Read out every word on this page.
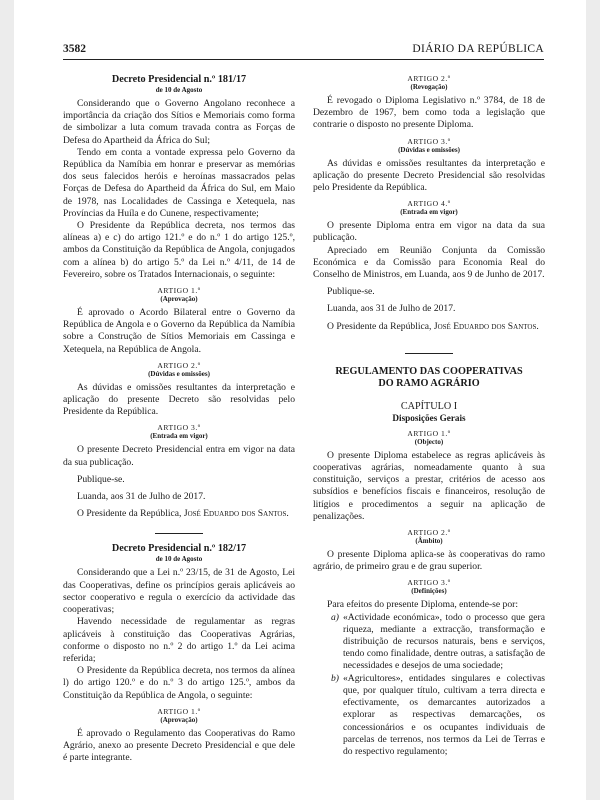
3582	DIÁRIO DA REPÚBLICA
Decreto Presidencial n.º 181/17
de 10 de Agosto

Considerando que o Governo Angolano reconhece a importância da criação dos Sítios e Memoriais como forma de simbolizar a luta comum travada contra as Forças de Defesa do Apartheid da África do Sul;

Tendo em conta a vontade expressa pelo Governo da República da Namíbia em honrar e preservar as memórias dos seus falecidos heróis e heroínas massacrados pelas Forças de Defesa do Apartheid da África do Sul, em Maio de 1978, nas Localidades de Cassinga e Xetequela, nas Províncias da Huíla e do Cunene, respectivamente;

O Presidente da República decreta, nos termos das alíneas a) e c) do artigo 121.º e do n.º 1 do artigo 125.º, ambos da Constituição da República de Angola, conjugados com a alínea b) do artigo 5.º da Lei n.º 4/11, de 14 de Fevereiro, sobre os Tratados Internacionais, o seguinte:

ARTIGO 1.º
(Aprovação)

É aprovado o Acordo Bilateral entre o Governo da República de Angola e o Governo da República da Namíbia sobre a Construção de Sítios Memoriais em Cassinga e Xetequela, na República de Angola.

ARTIGO 2.º
(Dúvidas e omissões)

As dúvidas e omissões resultantes da interpretação e aplicação do presente Decreto são resolvidas pelo Presidente da República.

ARTIGO 3.º
(Entrada em vigor)

O presente Decreto Presidencial entra em vigor na data da sua publicação.

Publique-se.

Luanda, aos 31 de Julho de 2017.

O Presidente da República, José Eduardo dos Santos.

Decreto Presidencial n.º 182/17
de 10 de Agosto

Considerando que a Lei n.º 23/15, de 31 de Agosto, Lei das Cooperativas, define os princípios gerais aplicáveis ao sector cooperativo e regula o exercício da actividade das cooperativas;

Havendo necessidade de regulamentar as regras aplicáveis à constituição das Cooperativas Agrárias, conforme o disposto no n.º 2 do artigo 1.º da Lei acima referida;

O Presidente da República decreta, nos termos da alínea l) do artigo 120.º e do n.º 3 do artigo 125.º, ambos da Constituição da República de Angola, o seguinte:

ARTIGO 1.º
(Aprovação)

É aprovado o Regulamento das Cooperativas do Ramo Agrário, anexo ao presente Decreto Presidencial e que dele é parte integrante.

ARTIGO 2.º
(Revogação)

É revogado o Diploma Legislativo n.º 3784, de 18 de Dezembro de 1967, bem como toda a legislação que contrarie o disposto no presente Diploma.

ARTIGO 3.º
(Dúvidas e omissões)

As dúvidas e omissões resultantes da interpretação e aplicação do presente Decreto Presidencial são resolvidas pelo Presidente da República.

ARTIGO 4.º
(Entrada em vigor)

O presente Diploma entra em vigor na data da sua publicação.

Apreciado em Reunião Conjunta da Comissão Económica e da Comissão para Economia Real do Conselho de Ministros, em Luanda, aos 9 de Junho de 2017.

Publique-se.

Luanda, aos 31 de Julho de 2017.

O Presidente da República, José Eduardo dos Santos.

REGULAMENTO DAS COOPERATIVAS
DO RAMO AGRÁRIO
CAPÍTULO I
Disposições Gerais
ARTIGO 1.º
(Objecto)

O presente Diploma estabelece as regras aplicáveis às cooperativas agrárias, nomeadamente quanto à sua constituição, serviços a prestar, critérios de acesso aos subsídios e benefícios fiscais e financeiros, resolução de litígios e procedimentos a seguir na aplicação de penalizações.

ARTIGO 2.º
(Âmbito)

O presente Diploma aplica-se às cooperativas do ramo agrário, de primeiro grau e de grau superior.

ARTIGO 3.º
(Definições)

Para efeitos do presente Diploma, entende-se por:

a) «Actividade económica», todo o processo que gera riqueza, mediante a extracção, transformação e distribuição de recursos naturais, bens e serviços, tendo como finalidade, dentre outras, a satisfação de necessidades e desejos de uma sociedade;
b) «Agricultores», entidades singulares e colectivas que, por qualquer título, cultivam a terra directa e efectivamente, os demarcantes autorizados a explorar as respectivas demarcações, os concessionários e os ocupantes individuais de parcelas de terrenos, nos termos da Lei de Terras e do respectivo regulamento;
